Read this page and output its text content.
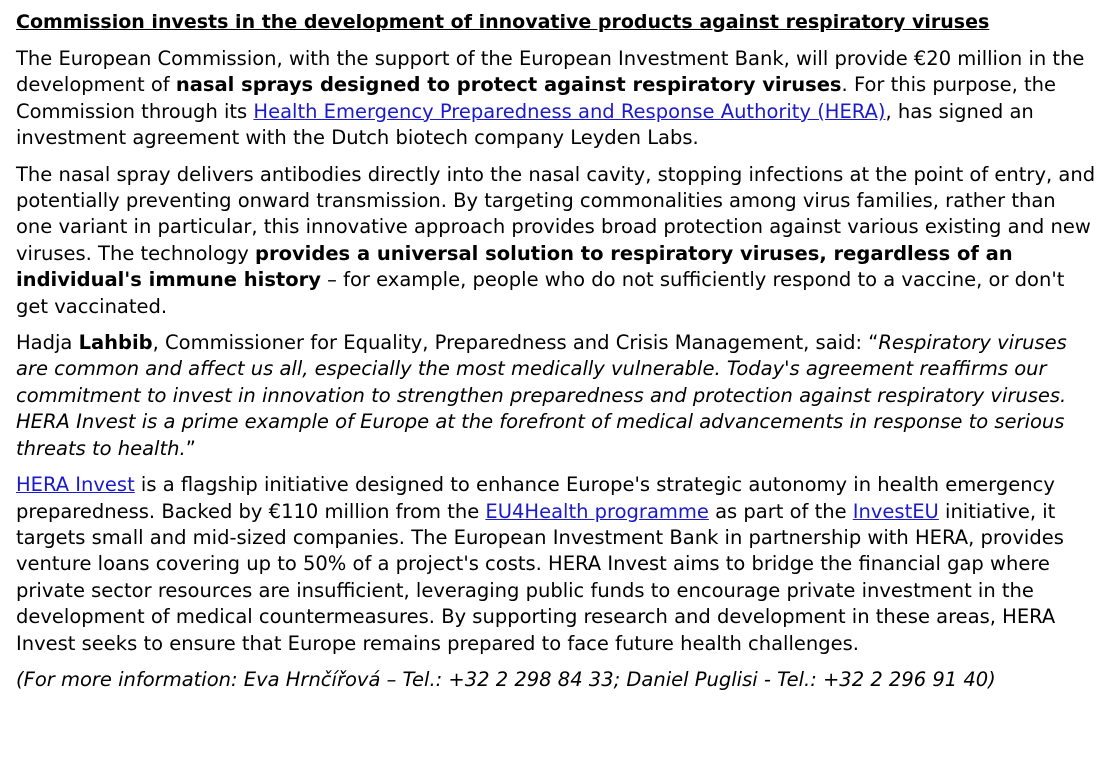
Commission invests in the development of innovative products against respiratory viruses

The European Commission, with the support of the European Investment Bank, will provide €20 million in the development of nasal sprays designed to protect against respiratory viruses. For this purpose, the Commission through its Health Emergency Preparedness and Response Authority (HERA), has signed an investment agreement with the Dutch biotech company Leyden Labs.

The nasal spray delivers antibodies directly into the nasal cavity, stopping infections at the point of entry, and potentially preventing onward transmission. By targeting commonalities among virus families, rather than one variant in particular, this innovative approach provides broad protection against various existing and new viruses. The technology provides a universal solution to respiratory viruses, regardless of an individual's immune history – for example, people who do not sufficiently respond to a vaccine, or don't get vaccinated.

Hadja Lahbib, Commissioner for Equality, Preparedness and Crisis Management, said: “Respiratory viruses are common and affect us all, especially the most medically vulnerable. Today's agreement reaffirms our commitment to invest in innovation to strengthen preparedness and protection against respiratory viruses. HERA Invest is a prime example of Europe at the forefront of medical advancements in response to serious threats to health.”

HERA Invest is a flagship initiative designed to enhance Europe's strategic autonomy in health emergency preparedness. Backed by €110 million from the EU4Health programme as part of the InvestEU initiative, it targets small and mid-sized companies. The European Investment Bank in partnership with HERA, provides venture loans covering up to 50% of a project's costs. HERA Invest aims to bridge the financial gap where private sector resources are insufficient, leveraging public funds to encourage private investment in the development of medical countermeasures. By supporting research and development in these areas, HERA Invest seeks to ensure that Europe remains prepared to face future health challenges.

(For more information: Eva Hrnčířová – Tel.: +32 2 298 84 33; Daniel Puglisi - Tel.: +32 2 296 91 40)
